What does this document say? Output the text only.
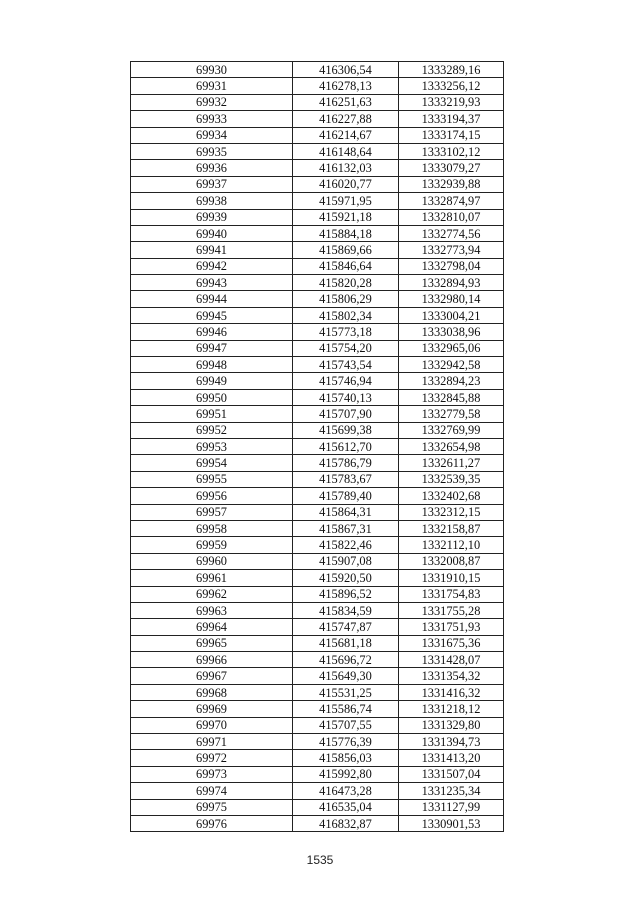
69930	416306,54	1333289,16
69931	416278,13	1333256,12
69932	416251,63	1333219,93
69933	416227,88	1333194,37
69934	416214,67	1333174,15
69935	416148,64	1333102,12
69936	416132,03	1333079,27
69937	416020,77	1332939,88
69938	415971,95	1332874,97
69939	415921,18	1332810,07
69940	415884,18	1332774,56
69941	415869,66	1332773,94
69942	415846,64	1332798,04
69943	415820,28	1332894,93
69944	415806,29	1332980,14
69945	415802,34	1333004,21
69946	415773,18	1333038,96
69947	415754,20	1332965,06
69948	415743,54	1332942,58
69949	415746,94	1332894,23
69950	415740,13	1332845,88
69951	415707,90	1332779,58
69952	415699,38	1332769,99
69953	415612,70	1332654,98
69954	415786,79	1332611,27
69955	415783,67	1332539,35
69956	415789,40	1332402,68
69957	415864,31	1332312,15
69958	415867,31	1332158,87
69959	415822,46	1332112,10
69960	415907,08	1332008,87
69961	415920,50	1331910,15
69962	415896,52	1331754,83
69963	415834,59	1331755,28
69964	415747,87	1331751,93
69965	415681,18	1331675,36
69966	415696,72	1331428,07
69967	415649,30	1331354,32
69968	415531,25	1331416,32
69969	415586,74	1331218,12
69970	415707,55	1331329,80
69971	415776,39	1331394,73
69972	415856,03	1331413,20
69973	415992,80	1331507,04
69974	416473,28	1331235,34
69975	416535,04	1331127,99
69976	416832,87	1330901,53
1535
